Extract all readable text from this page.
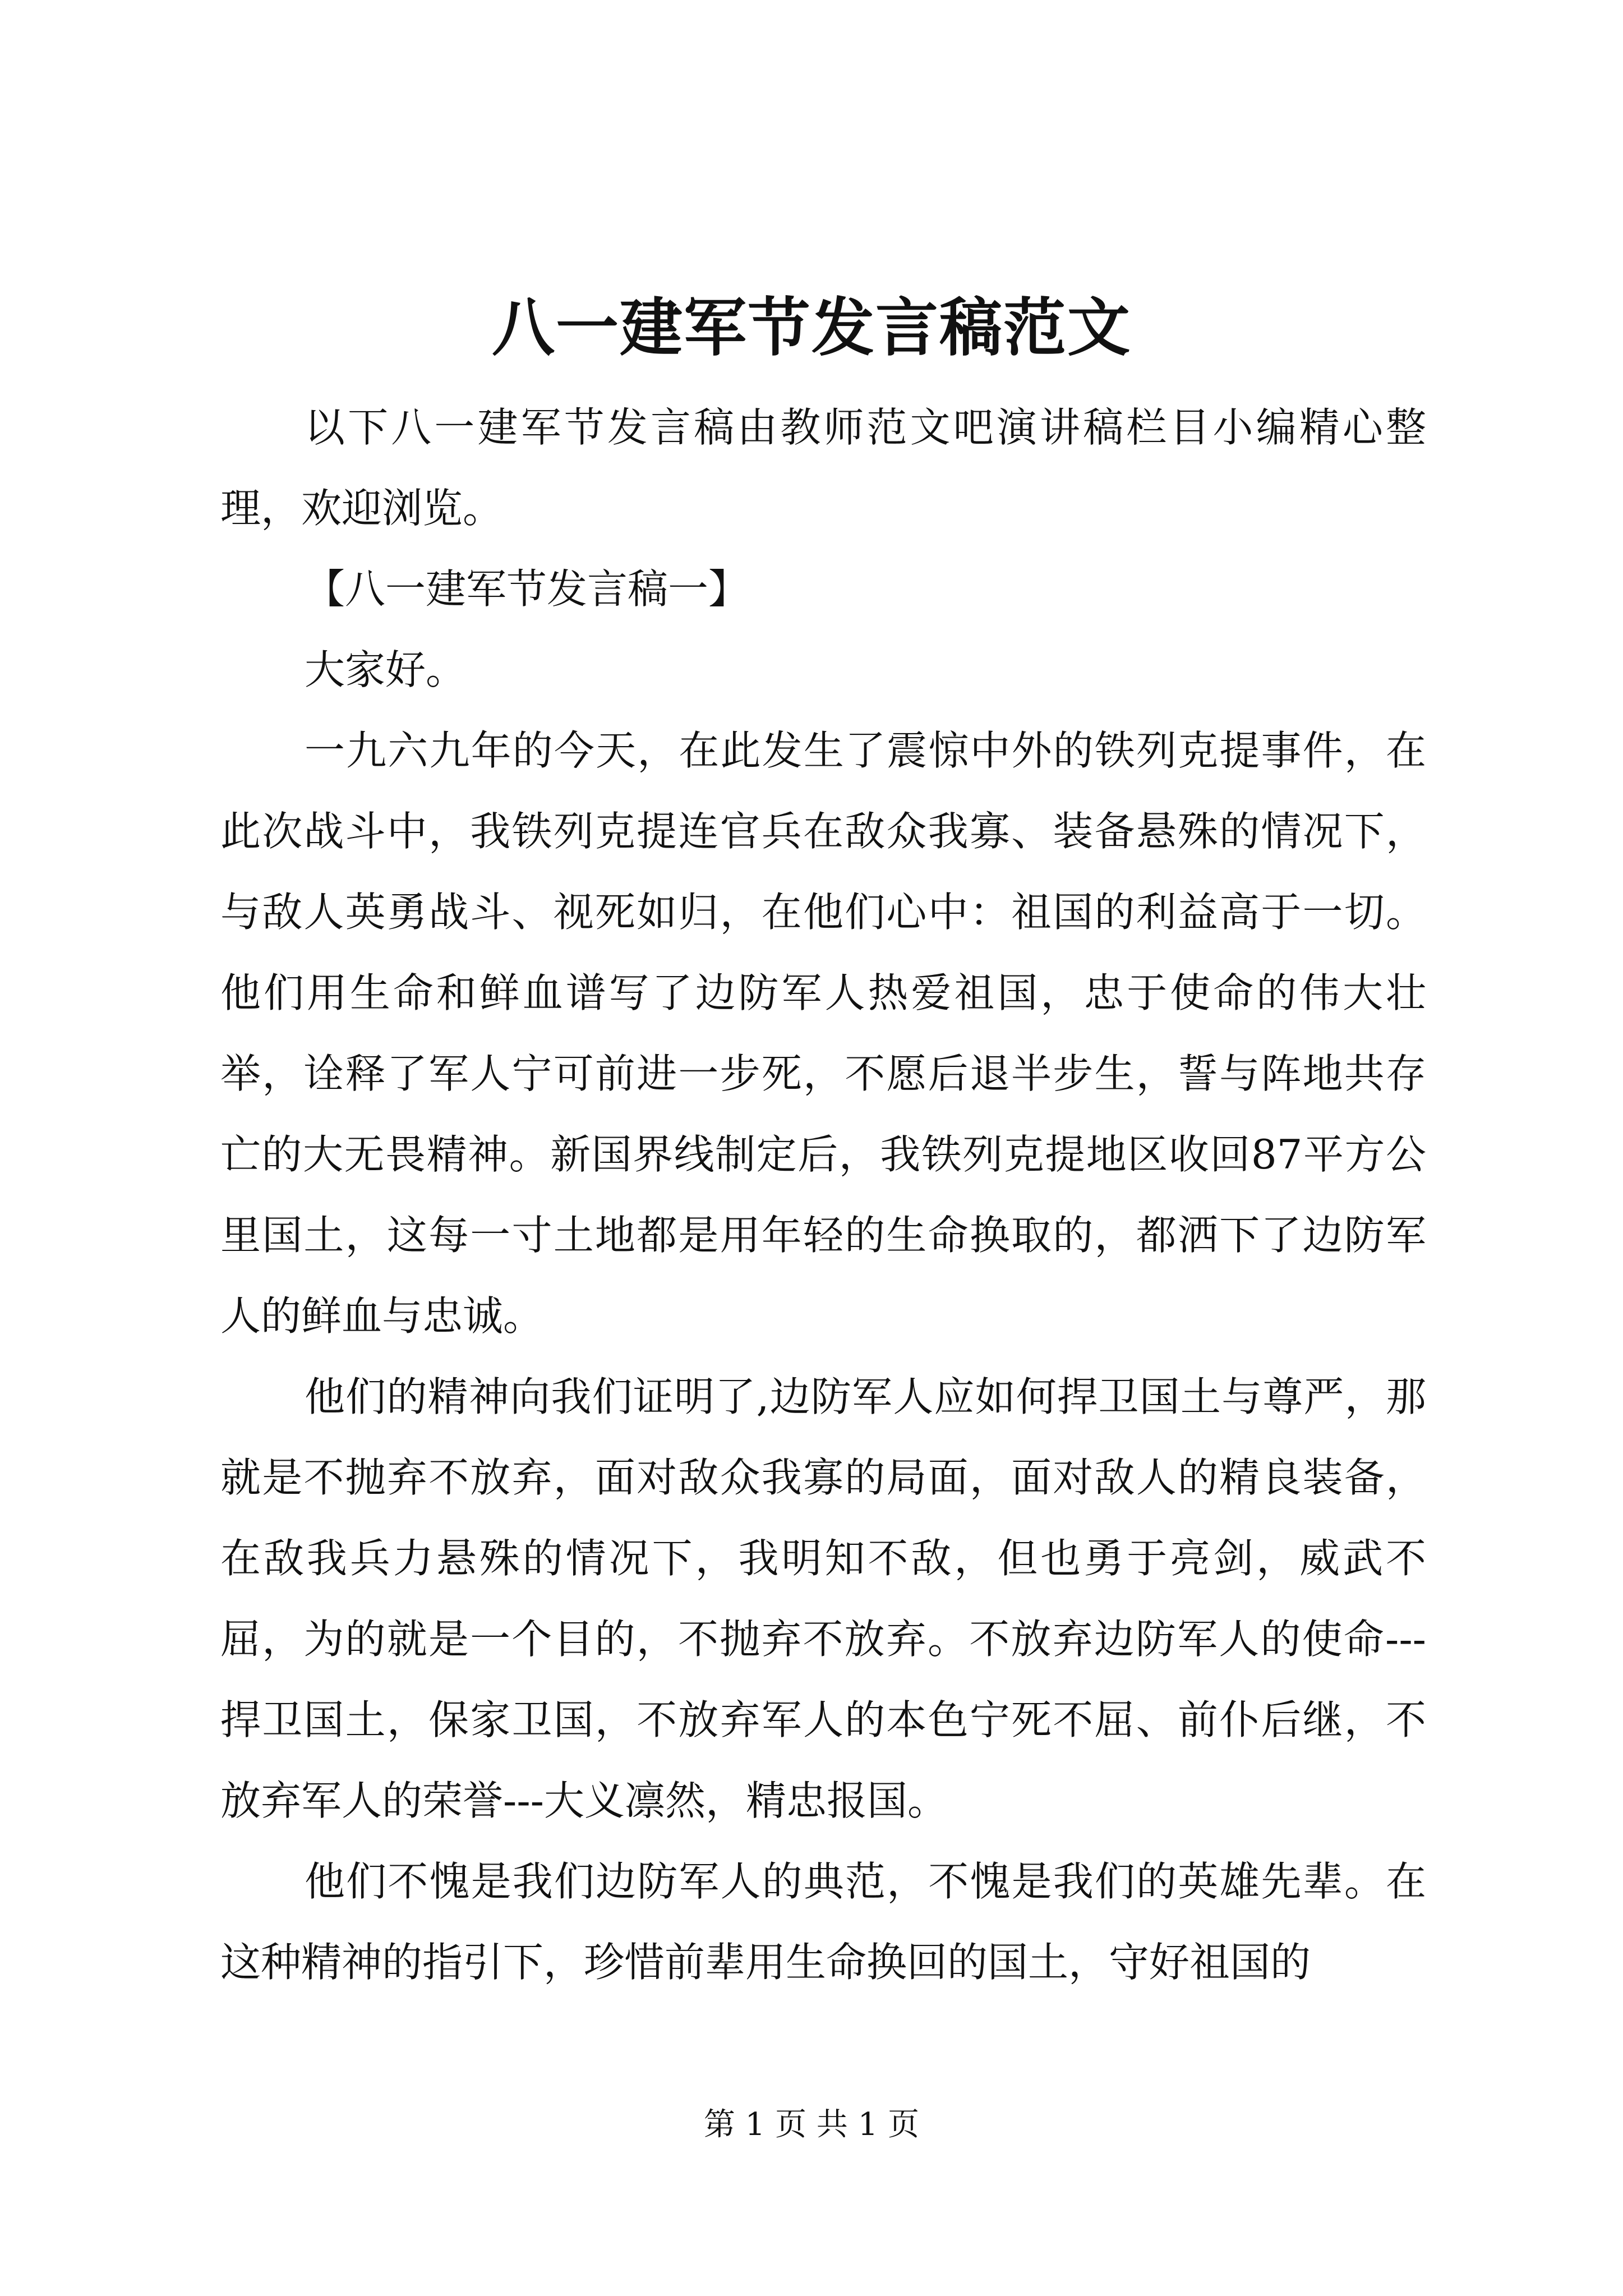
八一建军节发言稿范文

以下八一建军节发言稿由教师范文吧演讲稿栏目小编精心整理，欢迎浏览。

【八一建军节发言稿一】

大家好。

一九六九年的今天，在此发生了震惊中外的铁列克提事件，在此次战斗中，我铁列克提连官兵在敌众我寡、装备悬殊的情况下，与敌人英勇战斗、视死如归，在他们心中：祖国的利益高于一切。他们用生命和鲜血谱写了边防军人热爱祖国，忠于使命的伟大壮举，诠释了军人宁可前进一步死，不愿后退半步生，誓与阵地共存亡的大无畏精神。新国界线制定后，我铁列克提地区收回87平方公里国土，这每一寸土地都是用年轻的生命换取的，都洒下了边防军人的鲜血与忠诚。

他们的精神向我们证明了,边防军人应如何捍卫国土与尊严，那就是不抛弃不放弃，面对敌众我寡的局面，面对敌人的精良装备，在敌我兵力悬殊的情况下，我明知不敌，但也勇于亮剑，威武不屈，为的就是一个目的，不抛弃不放弃。不放弃边防军人的使命---捍卫国土，保家卫国，不放弃军人的本色宁死不屈、前仆后继，不放弃军人的荣誉---大义凛然，精忠报国。

他们不愧是我们边防军人的典范，不愧是我们的英雄先辈。在这种精神的指引下，珍惜前辈用生命换回的国土，守好祖国的

第 1 页 共 1 页
